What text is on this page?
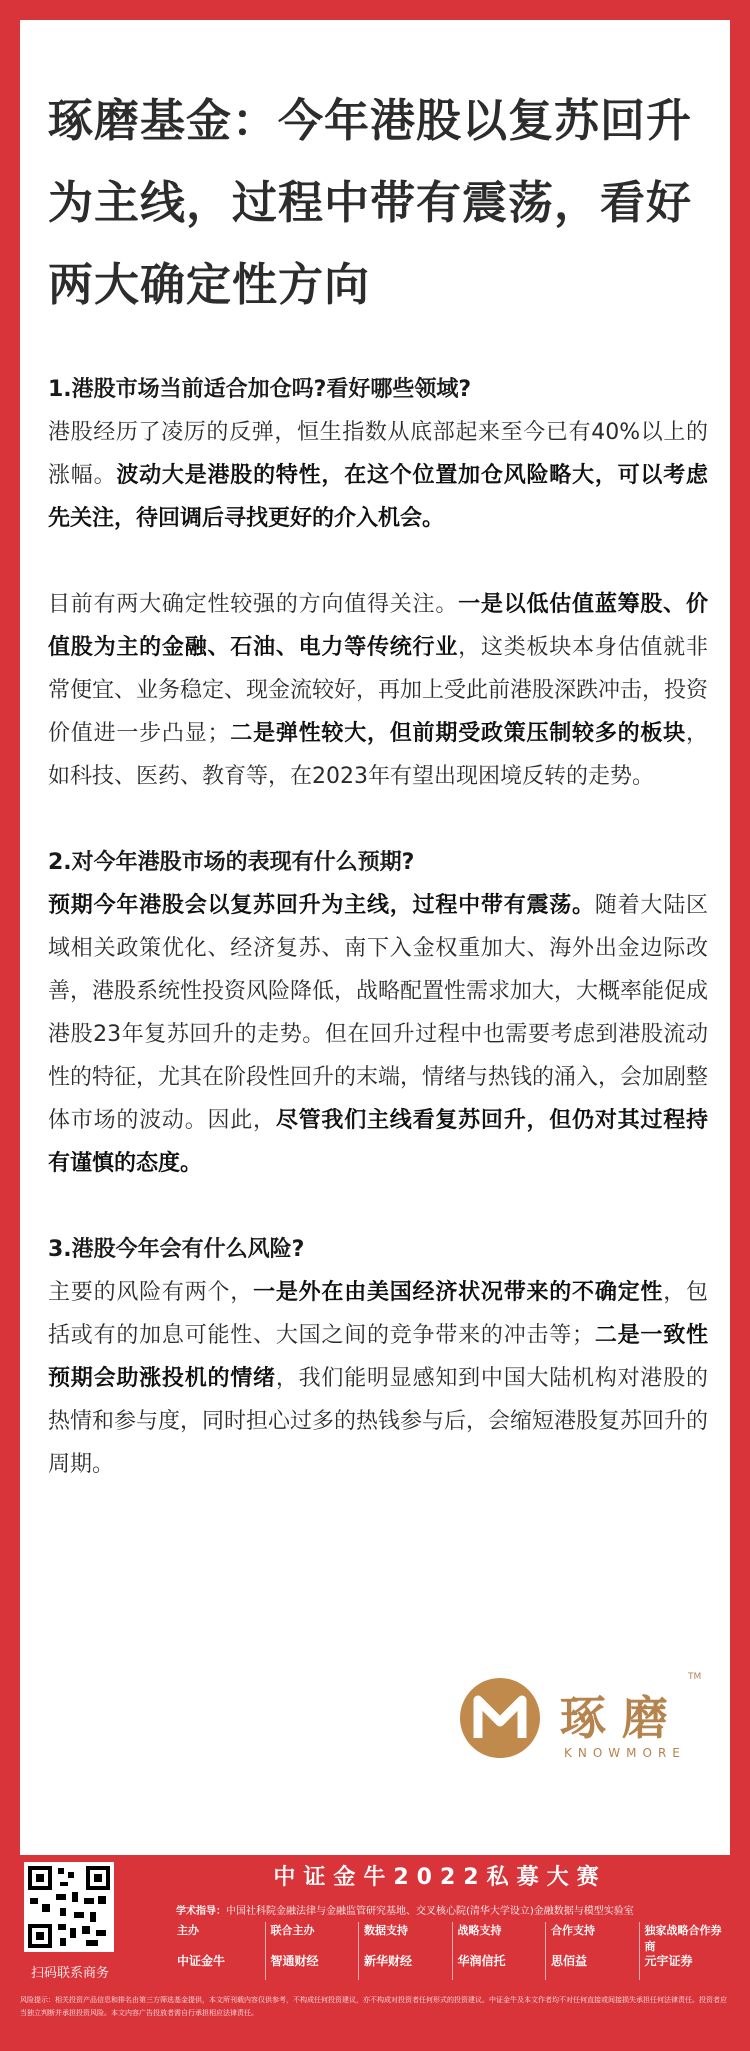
琢磨基金：今年港股以复苏回升为主线，过程中带有震荡，看好两大确定性方向

1.港股市场当前适合加仓吗?看好哪些领域?

港股经历了凌厉的反弹，恒生指数从底部起来至今已有40%以上的涨幅。波动大是港股的特性，在这个位置加仓风险略大，可以考虑先关注，待回调后寻找更好的介入机会。

目前有两大确定性较强的方向值得关注。一是以低估值蓝筹股、价值股为主的金融、石油、电力等传统行业，这类板块本身估值就非常便宜、业务稳定、现金流较好，再加上受此前港股深跌冲击，投资价值进一步凸显；二是弹性较大，但前期受政策压制较多的板块，如科技、医药、教育等，在2023年有望出现困境反转的走势。

2.对今年港股市场的表现有什么预期?

预期今年港股会以复苏回升为主线，过程中带有震荡。随着大陆区域相关政策优化、经济复苏、南下入金权重加大、海外出金边际改善，港股系统性投资风险降低，战略配置性需求加大，大概率能促成港股23年复苏回升的走势。但在回升过程中也需要考虑到港股流动性的特征，尤其在阶段性回升的末端，情绪与热钱的涌入，会加剧整体市场的波动。因此，尽管我们主线看复苏回升，但仍对其过程持有谨慎的态度。

3.港股今年会有什么风险?

主要的风险有两个，一是外在由美国经济状况带来的不确定性，包括或有的加息可能性、大国之间的竞争带来的冲击等；二是一致性预期会助涨投机的情绪，我们能明显感知到中国大陆机构对港股的热情和参与度，同时担心过多的热钱参与后，会缩短港股复苏回升的周期。

琢磨
KNOWMORE
TM
扫码联系商务
中证金牛2022私募大赛
学术指导：中国社科院金融法律与金融监管研究基地、交叉核心院(清华大学设立)金融数据与模型实验室
主办
中证金牛
联合主办
智通财经
数据支持
新华财经
战略支持
华润信托
合作支持
思佰益
独家战略合作券商
元宇证券
风险提示：相关投资产品信息和排名由第三方筛选基金提供，本文所刊载内容仅供参考，不构成任何投资建议，亦不构成对投资者任何形式的投资建议。中证金牛及本文作者均不对任何直接或间接损失承担任何法律责任。投资者应当独立判断并承担投资风险。本文内容广告投放者需自行承担相应法律责任。
